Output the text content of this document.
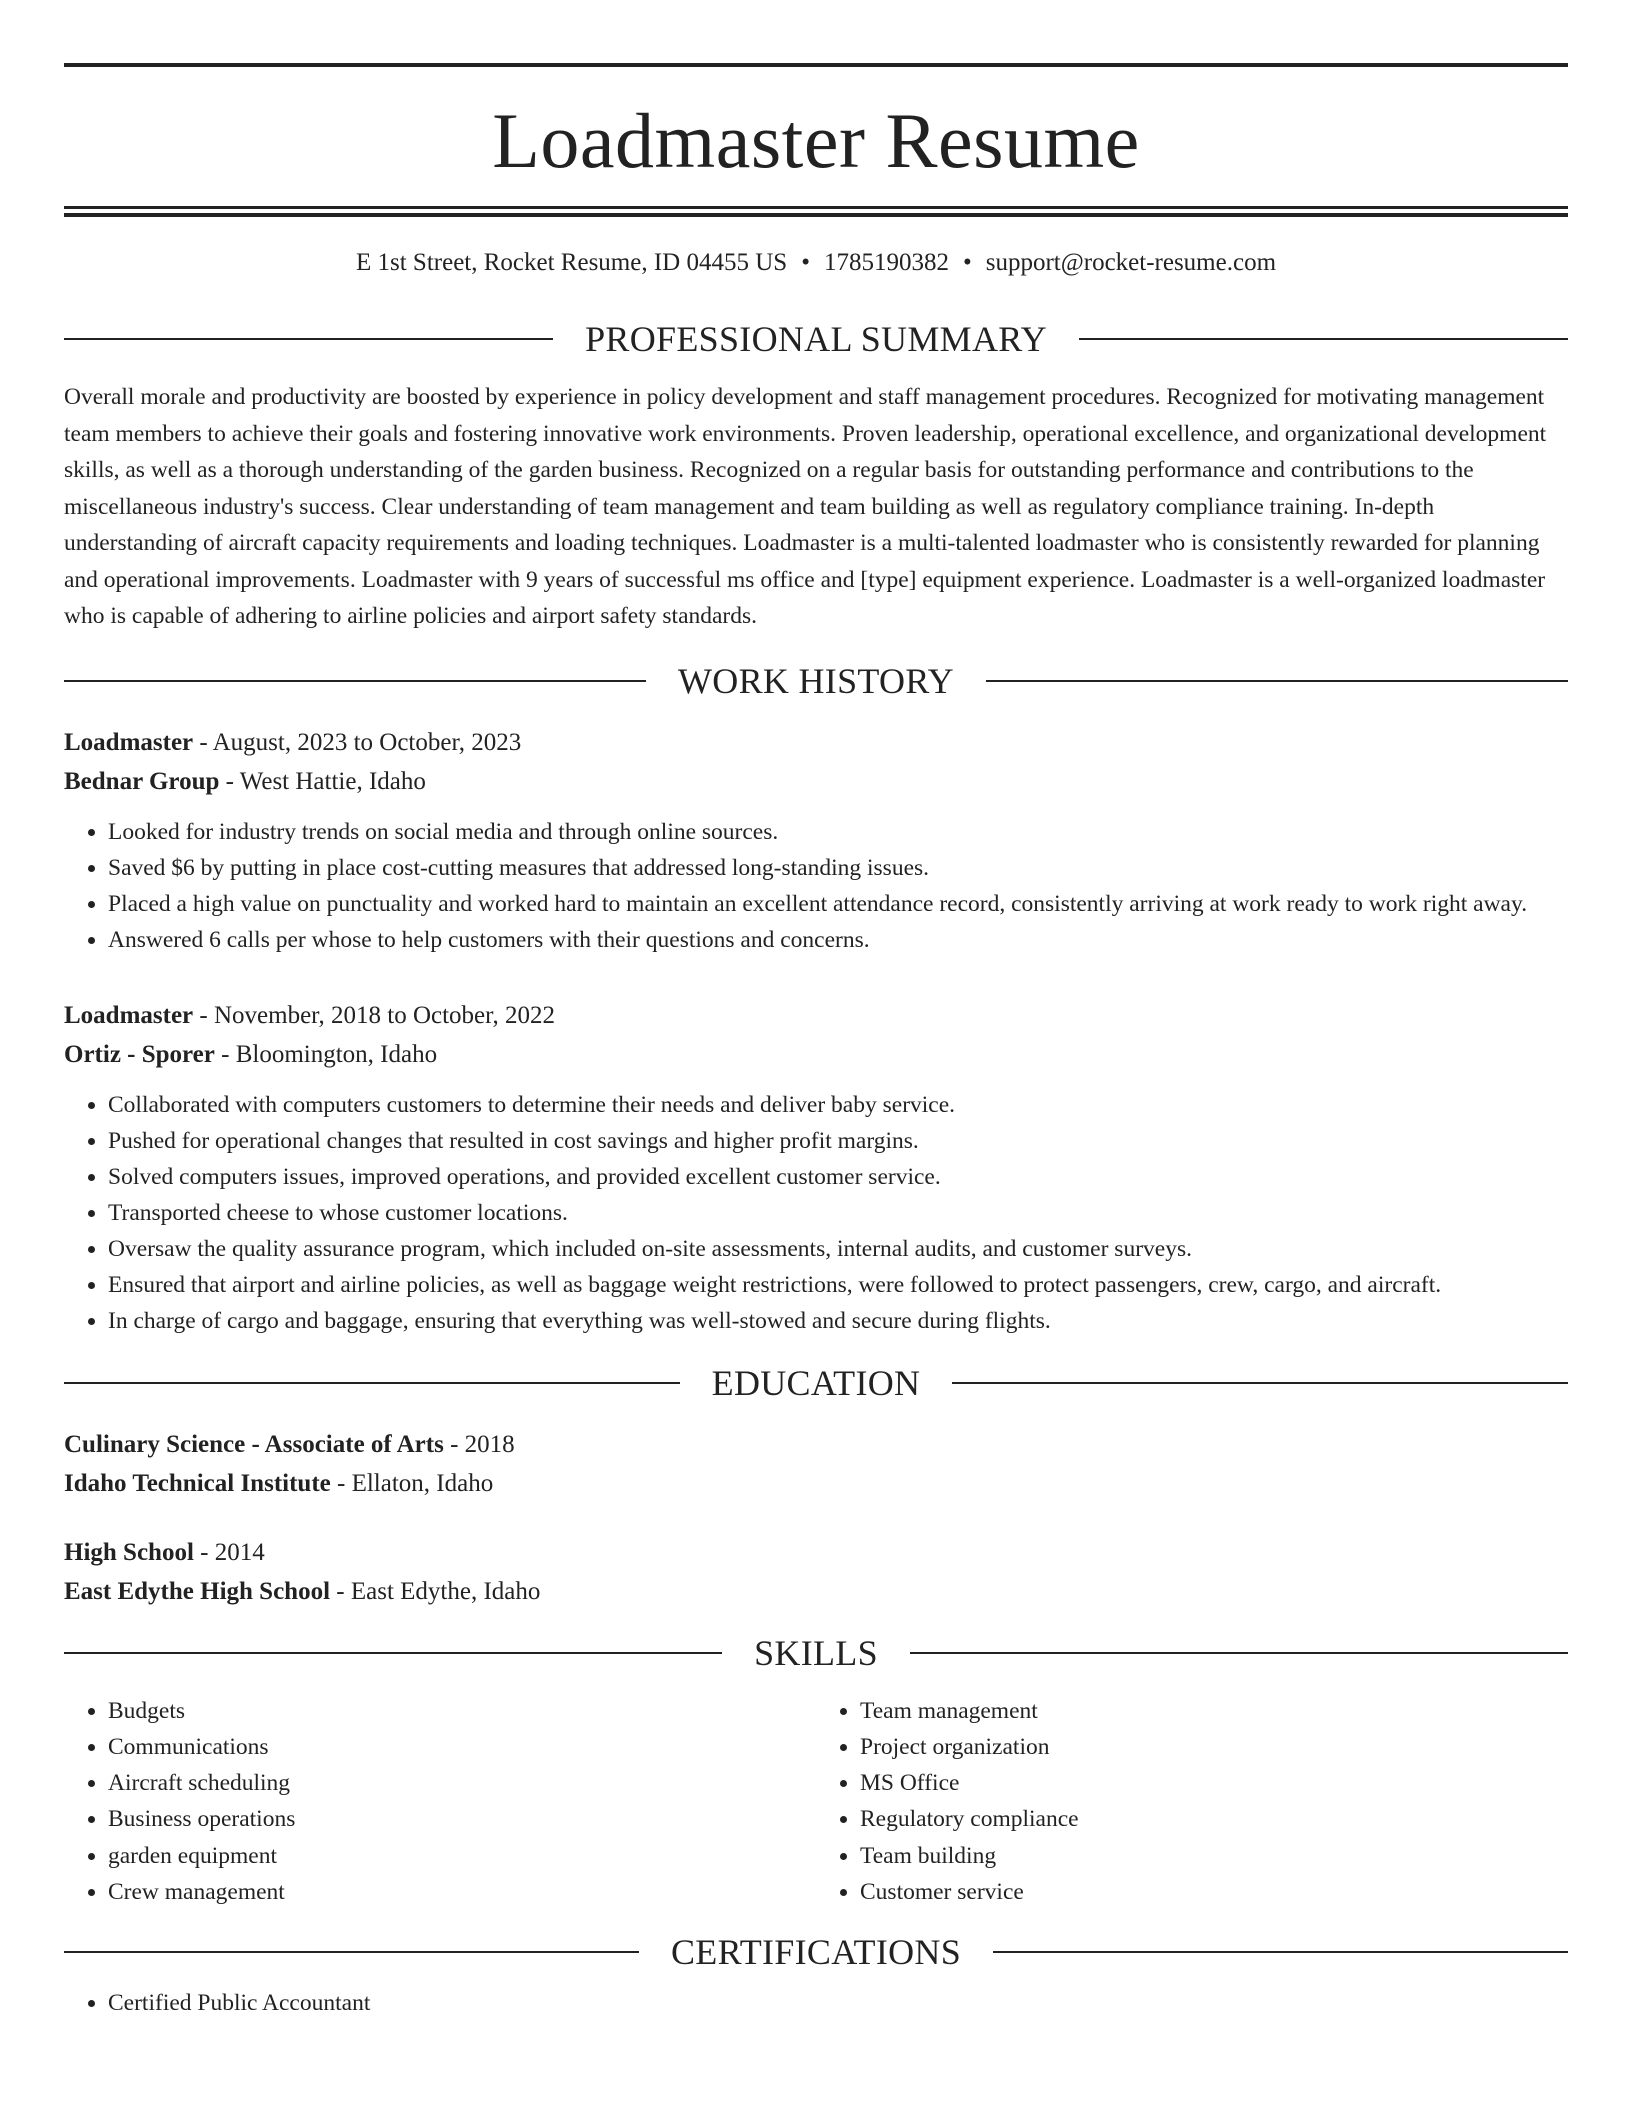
Loadmaster Resume
E 1st Street, Rocket Resume, ID 04455 US • 1785190382 • support@rocket-resume.com
PROFESSIONAL SUMMARY
Overall morale and productivity are boosted by experience in policy development and staff management procedures. Recognized for motivating management team members to achieve their goals and fostering innovative work environments. Proven leadership, operational excellence, and organizational development skills, as well as a thorough understanding of the garden business. Recognized on a regular basis for outstanding performance and contributions to the miscellaneous industry's success. Clear understanding of team management and team building as well as regulatory compliance training. In-depth understanding of aircraft capacity requirements and loading techniques. Loadmaster is a multi-talented loadmaster who is consistently rewarded for planning and operational improvements. Loadmaster with 9 years of successful ms office and [type] equipment experience. Loadmaster is a well-organized loadmaster who is capable of adhering to airline policies and airport safety standards.
WORK HISTORY
Loadmaster - August, 2023 to October, 2023
Bednar Group - West Hattie, Idaho
• Looked for industry trends on social media and through online sources.
• Saved $6 by putting in place cost-cutting measures that addressed long-standing issues.
• Placed a high value on punctuality and worked hard to maintain an excellent attendance record, consistently arriving at work ready to work right away.
• Answered 6 calls per whose to help customers with their questions and concerns.
Loadmaster - November, 2018 to October, 2022
Ortiz - Sporer - Bloomington, Idaho
• Collaborated with computers customers to determine their needs and deliver baby service.
• Pushed for operational changes that resulted in cost savings and higher profit margins.
• Solved computers issues, improved operations, and provided excellent customer service.
• Transported cheese to whose customer locations.
• Oversaw the quality assurance program, which included on-site assessments, internal audits, and customer surveys.
• Ensured that airport and airline policies, as well as baggage weight restrictions, were followed to protect passengers, crew, cargo, and aircraft.
• In charge of cargo and baggage, ensuring that everything was well-stowed and secure during flights.
EDUCATION
Culinary Science - Associate of Arts - 2018
Idaho Technical Institute - Ellaton, Idaho
High School - 2014
East Edythe High School - East Edythe, Idaho
SKILLS
• Budgets
• Communications
• Aircraft scheduling
• Business operations
• garden equipment
• Crew management
• Team management
• Project organization
• MS Office
• Regulatory compliance
• Team building
• Customer service
CERTIFICATIONS
• Certified Public Accountant
